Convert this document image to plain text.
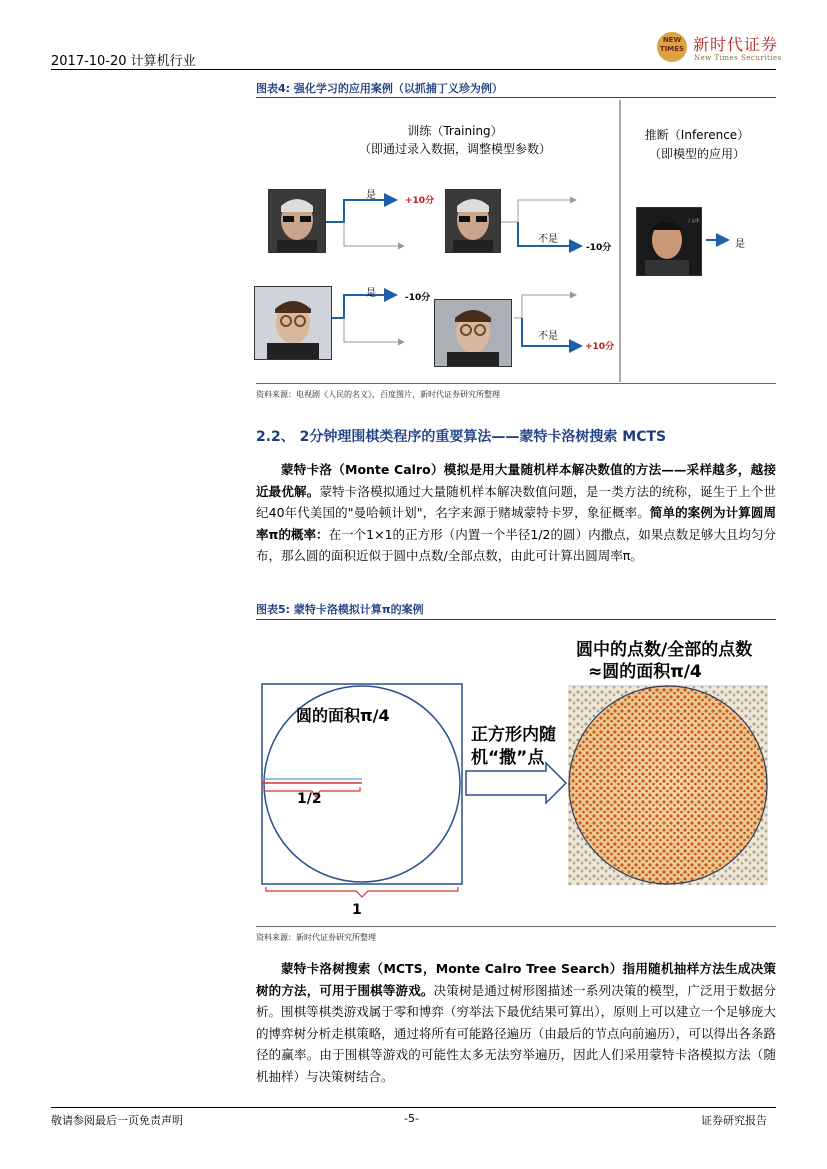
2017-10-20 计算机行业
NEW TIMES 新时代证券
New Times Securities
图表4: 强化学习的应用案例（以抓捕丁义珍为例）
训练（Training）
（即通过录入数据，调整模型参数）
推断（Inference）
（即模型的应用）
丁义珍
是	+10分
不是
-10分
是	-10分
不是
+10分
是
资料来源：电视剧《人民的名义》，百度图片，新时代证券研究所整理
2.2、 2分钟理围棋类程序的重要算法——蒙特卡洛树搜索 MCTS
蒙特卡洛（Monte Calro）模拟是用大量随机样本解决数值的方法——采样越多，越接近最优解。蒙特卡洛模拟通过大量随机样本解决数值问题，是一类方法的统称，诞生于上个世纪40年代美国的"曼哈顿计划"，名字来源于赌城蒙特卡罗，象征概率。简单的案例为计算圆周率π的概率：在一个1×1的正方形（内置一个半径1/2的圆）内撒点，如果点数足够大且均匀分布，那么圆的面积近似于圆中点数/全部点数，由此可计算出圆周率π。
图表5: 蒙特卡洛模拟计算π的案例
圆的面积π/4
1/2
1
正方形内随
机“撒”点
圆中的点数/全部的点数
≈圆的面积π/4
资料来源：新时代证券研究所整理
蒙特卡洛树搜索（MCTS，Monte Calro Tree Search）指用随机抽样方法生成决策树的方法，可用于围棋等游戏。决策树是通过树形图描述一系列决策的模型，广泛用于数据分析。围棋等棋类游戏属于零和博弈（穷举法下最优结果可算出），原则上可以建立一个足够庞大的博弈树分析走棋策略，通过将所有可能路径遍历（由最后的节点向前遍历），可以得出各条路径的赢率。由于围棋等游戏的可能性太多无法穷举遍历，因此人们采用蒙特卡洛模拟方法（随机抽样）与决策树结合。
敬请参阅最后一页免责声明	-5-	证券研究报告
